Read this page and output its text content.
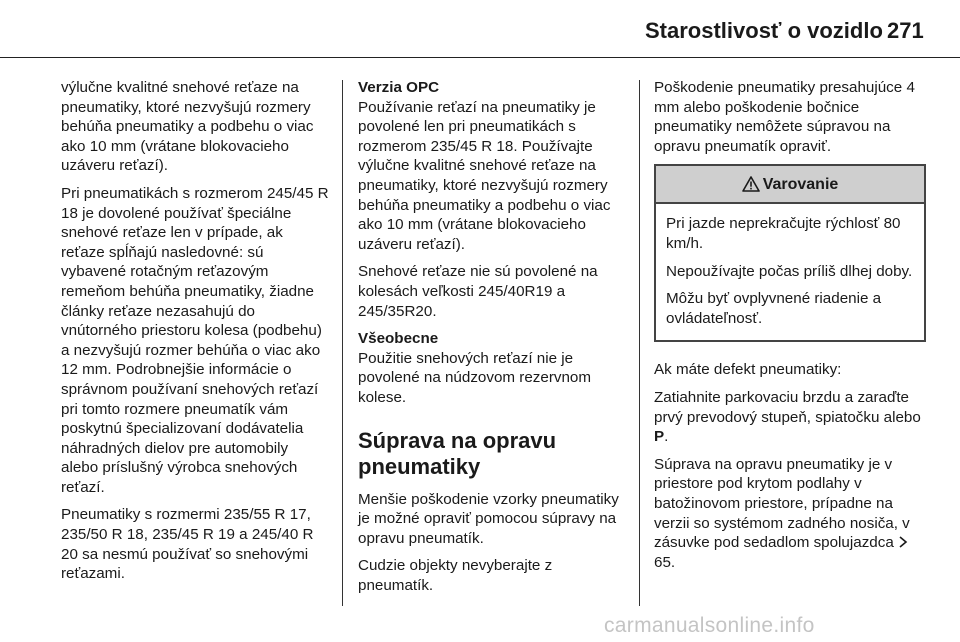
Starostlivosť o vozidlo 271

výlučne kvalitné snehové reťaze na pneumatiky, ktoré nezvyšujú rozmery behúňa pneumatiky a podbehu o viac ako 10 mm (vrátane blokovacieho uzáveru reťazí).

Pri pneumatikách s rozmerom 245/45 R 18 je dovolené používať špeciálne snehové reťaze len v prípade, ak reťaze spĺňajú nasledovné: sú vybavené rotačným reťazovým remeňom behúňa pneumatiky, žiadne články reťaze nezasahujú do vnútorného priestoru kolesa (podbehu) a nezvyšujú rozmer behúňa o viac ako 12 mm. Podrobnejšie informácie o správnom používaní snehových reťazí pri tomto rozmere pneumatík vám poskytnú špecializovaní dodávatelia náhradných dielov pre automobily alebo príslušný výrobca snehových reťazí.

Pneumatiky s rozmermi 235/55 R 17, 235/50 R 18, 235/45 R 19 a 245/40 R 20 sa nesmú používať so snehovými reťazami.

Verzia OPC

Používanie reťazí na pneumatiky je povolené len pri pneumatikách s rozmerom 235/45 R 18. Používajte výlučne kvalitné snehové reťaze na pneumatiky, ktoré nezvyšujú rozmery behúňa pneumatiky a podbehu o viac ako 10 mm (vrátane blokovacieho uzáveru reťazí).

Snehové reťaze nie sú povolené na kolesách veľkosti 245/40R19 a 245/35R20.

Všeobecne

Použitie snehových reťazí nie je povolené na núdzovom rezervnom kolese.

Súprava na opravu pneumatiky

Menšie poškodenie vzorky pneumatiky je možné opraviť pomocou súpravy na opravu pneumatík.

Cudzie objekty nevyberajte z pneumatík.

Poškodenie pneumatiky presahujúce 4 mm alebo poškodenie bočnice pneumatiky nemôžete súpravou na opravu pneumatík opraviť.

Varovanie

Pri jazde neprekračujte rýchlosť 80 km/h.

Nepoužívajte počas príliš dlhej doby.

Môžu byť ovplyvnené riadenie a ovládateľnosť.

Ak máte defekt pneumatiky:

Zatiahnite parkovaciu brzdu a zaraďte prvý prevodový stupeň, spiatočku alebo P.

Súprava na opravu pneumatiky je v priestore pod krytom podlahy v batožinovom priestore, prípadne na verzii so systémom zadného nosiča, v zásuvke pod sedadlom spolujazdca 65.

carmanualsonline.info
